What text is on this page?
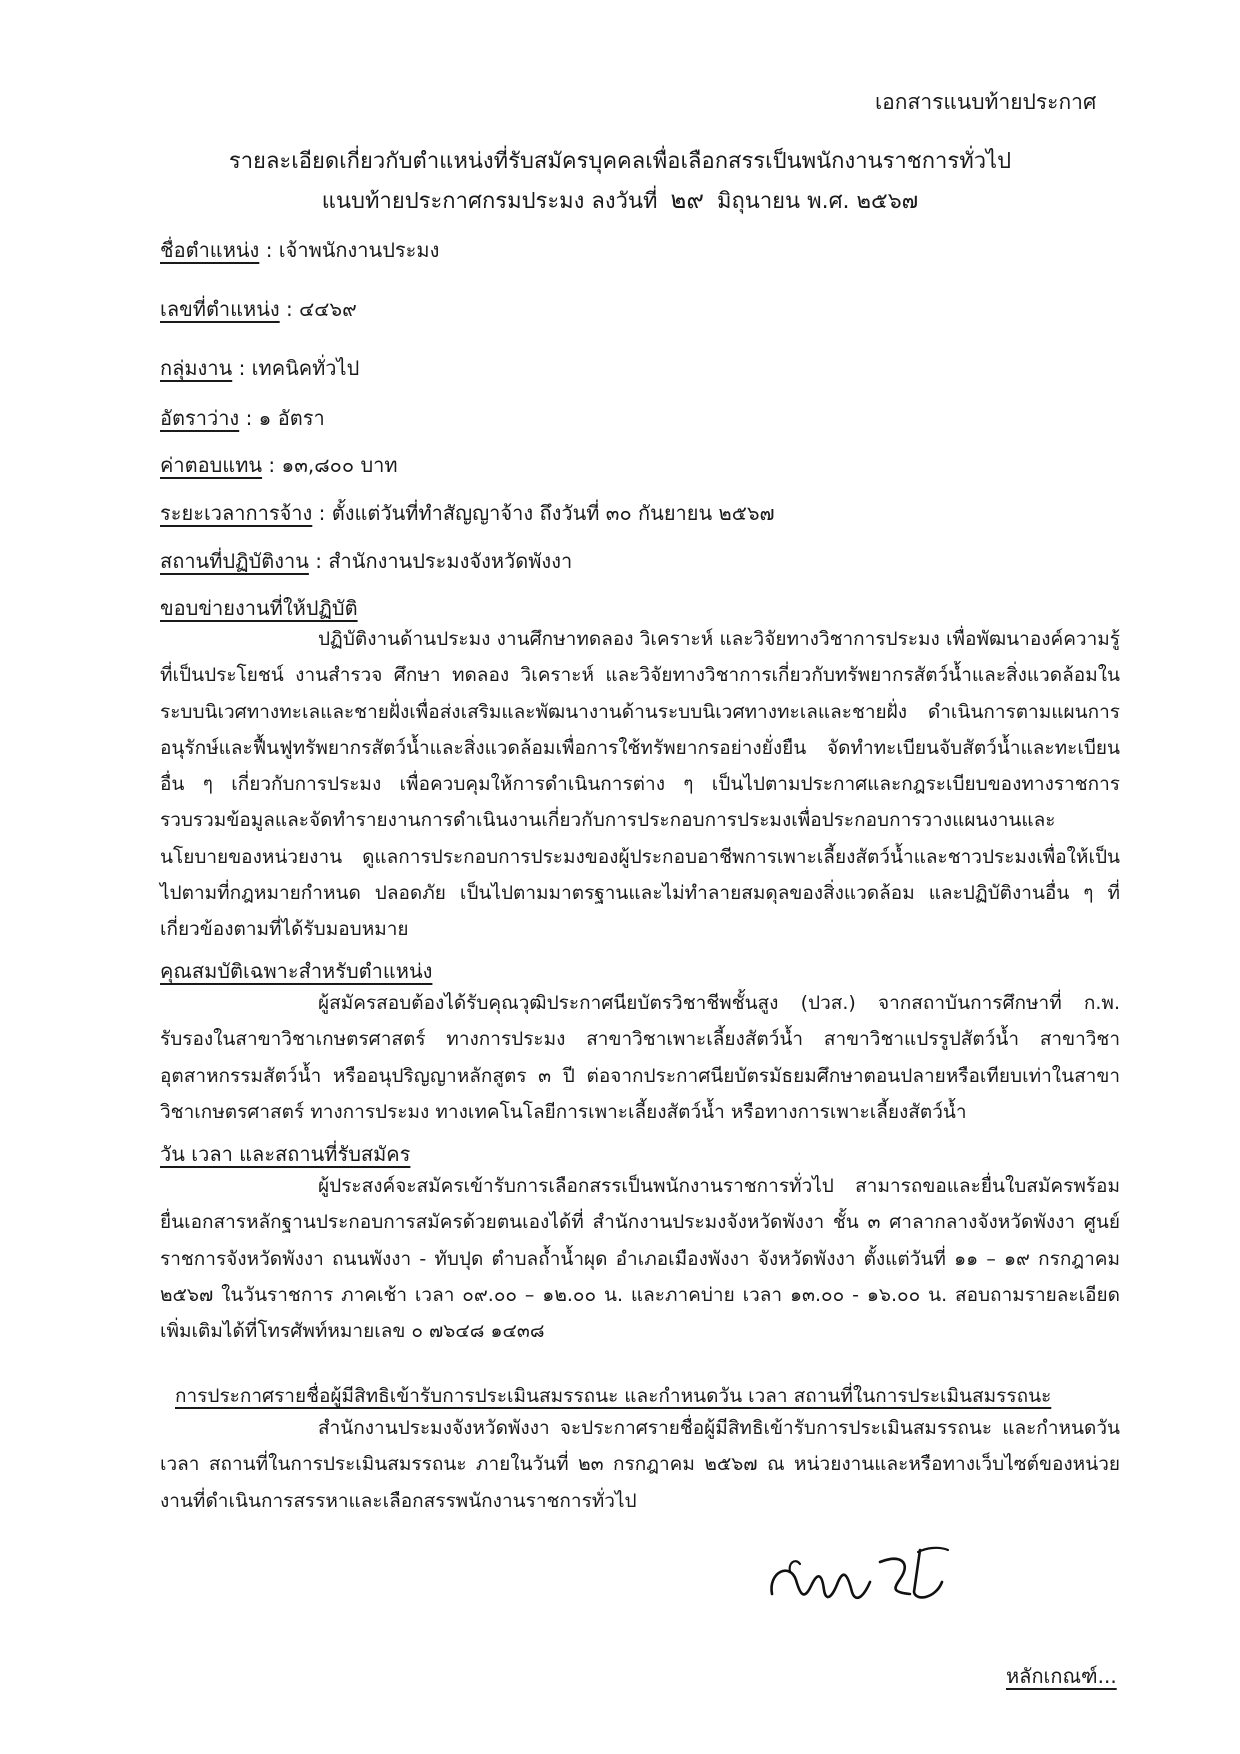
เอกสารแนบท้ายประกาศ
รายละเอียดเกี่ยวกับตำแหน่งที่รับสมัครบุคคลเพื่อเลือกสรรเป็นพนักงานราชการทั่วไป
แนบท้ายประกาศกรมประมง ลงวันที่ ๒๙ มิถุนายน พ.ศ. ๒๕๖๗
ชื่อตำแหน่ง : เจ้าพนักงานประมง
เลขที่ตำแหน่ง : ๔๔๖๙
กลุ่มงาน : เทคนิคทั่วไป
อัตราว่าง : ๑ อัตรา
ค่าตอบแทน : ๑๓,๘๐๐ บาท
ระยะเวลาการจ้าง : ตั้งแต่วันที่ทำสัญญาจ้าง ถึงวันที่ ๓๐ กันยายน ๒๕๖๗
สถานที่ปฏิบัติงาน : สำนักงานประมงจังหวัดพังงา
ขอบข่ายงานที่ให้ปฏิบัติ
ปฏิบัติงานด้านประมง งานศึกษาทดลอง วิเคราะห์ และวิจัยทางวิชาการประมง เพื่อพัฒนาองค์ความรู้ที่เป็นประโยชน์ งานสำรวจ ศึกษา ทดลอง วิเคราะห์ และวิจัยทางวิชาการเกี่ยวกับทรัพยากรสัตว์น้ำและสิ่งแวดล้อมในระบบนิเวศทางทะเลและชายฝั่งเพื่อส่งเสริมและพัฒนางานด้านระบบนิเวศทางทะเลและชายฝั่ง ดำเนินการตามแผนการอนุรักษ์และฟื้นฟูทรัพยากรสัตว์น้ำและสิ่งแวดล้อมเพื่อการใช้ทรัพยากรอย่างยั่งยืน จัดทำทะเบียนจับสัตว์น้ำและทะเบียนอื่น ๆ เกี่ยวกับการประมง เพื่อควบคุมให้การดำเนินการต่าง ๆ เป็นไปตามประกาศและกฎระเบียบของทางราชการ รวบรวมข้อมูลและจัดทำรายงานการดำเนินงานเกี่ยวกับการประกอบการประมงเพื่อประกอบการวางแผนงานและนโยบายของหน่วยงาน ดูแลการประกอบการประมงของผู้ประกอบอาชีพการเพาะเลี้ยงสัตว์น้ำและชาวประมงเพื่อให้เป็นไปตามที่กฎหมายกำหนด ปลอดภัย เป็นไปตามมาตรฐานและไม่ทำลายสมดุลของสิ่งแวดล้อม และปฏิบัติงานอื่น ๆ ที่เกี่ยวข้องตามที่ได้รับมอบหมาย
คุณสมบัติเฉพาะสำหรับตำแหน่ง
ผู้สมัครสอบต้องได้รับคุณวุฒิประกาศนียบัตรวิชาชีพชั้นสูง (ปวส.) จากสถาบันการศึกษาที่ ก.พ. รับรองในสาขาวิชาเกษตรศาสตร์ ทางการประมง สาขาวิชาเพาะเลี้ยงสัตว์น้ำ สาขาวิชาแปรรูปสัตว์น้ำ สาขาวิชาอุตสาหกรรมสัตว์น้ำ หรืออนุปริญญาหลักสูตร ๓ ปี ต่อจากประกาศนียบัตรมัธยมศึกษาตอนปลายหรือเทียบเท่าในสาขาวิชาเกษตรศาสตร์ ทางการประมง ทางเทคโนโลยีการเพาะเลี้ยงสัตว์น้ำ หรือทางการเพาะเลี้ยงสัตว์น้ำ
วัน เวลา และสถานที่รับสมัคร
ผู้ประสงค์จะสมัครเข้ารับการเลือกสรรเป็นพนักงานราชการทั่วไป สามารถขอและยื่นใบสมัครพร้อมยื่นเอกสารหลักฐานประกอบการสมัครด้วยตนเองได้ที่ สำนักงานประมงจังหวัดพังงา ชั้น ๓ ศาลากลางจังหวัดพังงา ศูนย์ราชการจังหวัดพังงา ถนนพังงา - ทับปุด ตำบลถ้ำน้ำผุด อำเภอเมืองพังงา จังหวัดพังงา ตั้งแต่วันที่ ๑๑ – ๑๙ กรกฎาคม ๒๕๖๗ ในวันราชการ ภาคเช้า เวลา ๐๙.๐๐ – ๑๒.๐๐ น. และภาคบ่าย เวลา ๑๓.๐๐ - ๑๖.๐๐ น. สอบถามรายละเอียดเพิ่มเติมได้ที่โทรศัพท์หมายเลข ๐ ๗๖๔๘ ๑๔๓๘
การประกาศรายชื่อผู้มีสิทธิเข้ารับการประเมินสมรรถนะ และกำหนดวัน เวลา สถานที่ในการประเมินสมรรถนะ
สำนักงานประมงจังหวัดพังงา จะประกาศรายชื่อผู้มีสิทธิเข้ารับการประเมินสมรรถนะ และกำหนดวัน เวลา สถานที่ในการประเมินสมรรถนะ ภายในวันที่ ๒๓ กรกฎาคม ๒๕๖๗ ณ หน่วยงานและหรือทางเว็บไซต์ของหน่วยงานที่ดำเนินการสรรหาและเลือกสรรพนักงานราชการทั่วไป
หลักเกณฑ์...
